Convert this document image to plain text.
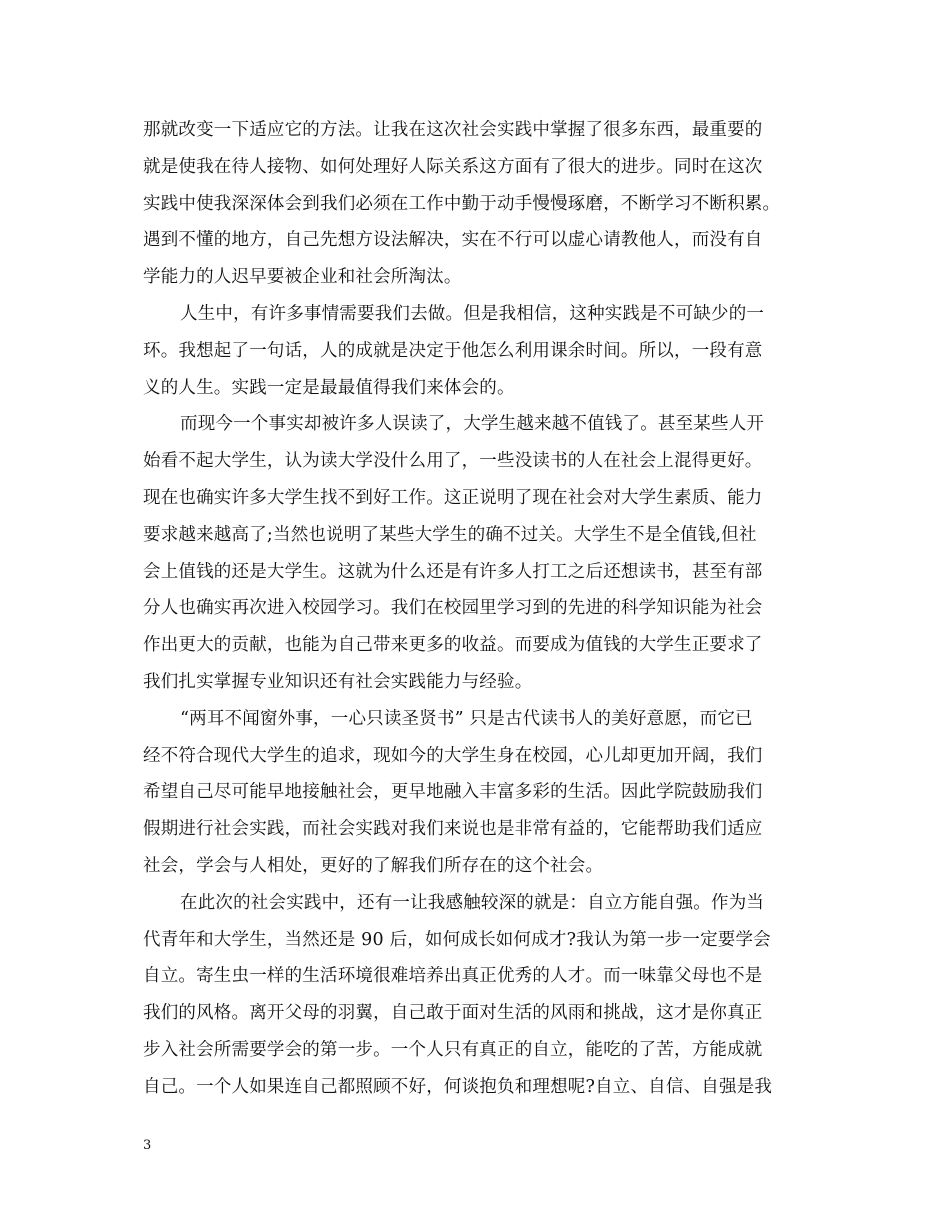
那就改变一下适应它的方法。让我在这次社会实践中掌握了很多东西，最重要的
就是使我在待人接物、如何处理好人际关系这方面有了很大的进步。同时在这次
实践中使我深深体会到我们必须在工作中勤于动手慢慢琢磨，不断学习不断积累。
遇到不懂的地方，自己先想方设法解决，实在不行可以虚心请教他人，而没有自
学能力的人迟早要被企业和社会所淘汰。
人生中，有许多事情需要我们去做。但是我相信，这种实践是不可缺少的一
环。我想起了一句话，人的成就是决定于他怎么利用课余时间。所以，一段有意
义的人生。实践一定是最最值得我们来体会的。
而现今一个事实却被许多人误读了，大学生越来越不值钱了。甚至某些人开
始看不起大学生，认为读大学没什么用了，一些没读书的人在社会上混得更好。
现在也确实许多大学生找不到好工作。这正说明了现在社会对大学生素质、能力
要求越来越高了;当然也说明了某些大学生的确不过关。大学生不是全值钱,但社
会上值钱的还是大学生。这就为什么还是有许多人打工之后还想读书，甚至有部
分人也确实再次进入校园学习。我们在校园里学习到的先进的科学知识能为社会
作出更大的贡献，也能为自己带来更多的收益。而要成为值钱的大学生正要求了
我们扎实掌握专业知识还有社会实践能力与经验。
“两耳不闻窗外事，一心只读圣贤书” 只是古代读书人的美好意愿，而它已
经不符合现代大学生的追求，现如今的大学生身在校园，心儿却更加开阔，我们
希望自己尽可能早地接触社会，更早地融入丰富多彩的生活。因此学院鼓励我们
假期进行社会实践，而社会实践对我们来说也是非常有益的，它能帮助我们适应
社会，学会与人相处，更好的了解我们所存在的这个社会。
在此次的社会实践中，还有一让我感触较深的就是：自立方能自强。作为当
代青年和大学生，当然还是 90 后，如何成长如何成才?我认为第一步一定要学会
自立。寄生虫一样的生活环境很难培养出真正优秀的人才。而一味靠父母也不是
我们的风格。离开父母的羽翼，自己敢于面对生活的风雨和挑战，这才是你真正
步入社会所需要学会的第一步。一个人只有真正的自立，能吃的了苦，方能成就
自己。一个人如果连自己都照顾不好，何谈抱负和理想呢?自立、自信、自强是我
3
